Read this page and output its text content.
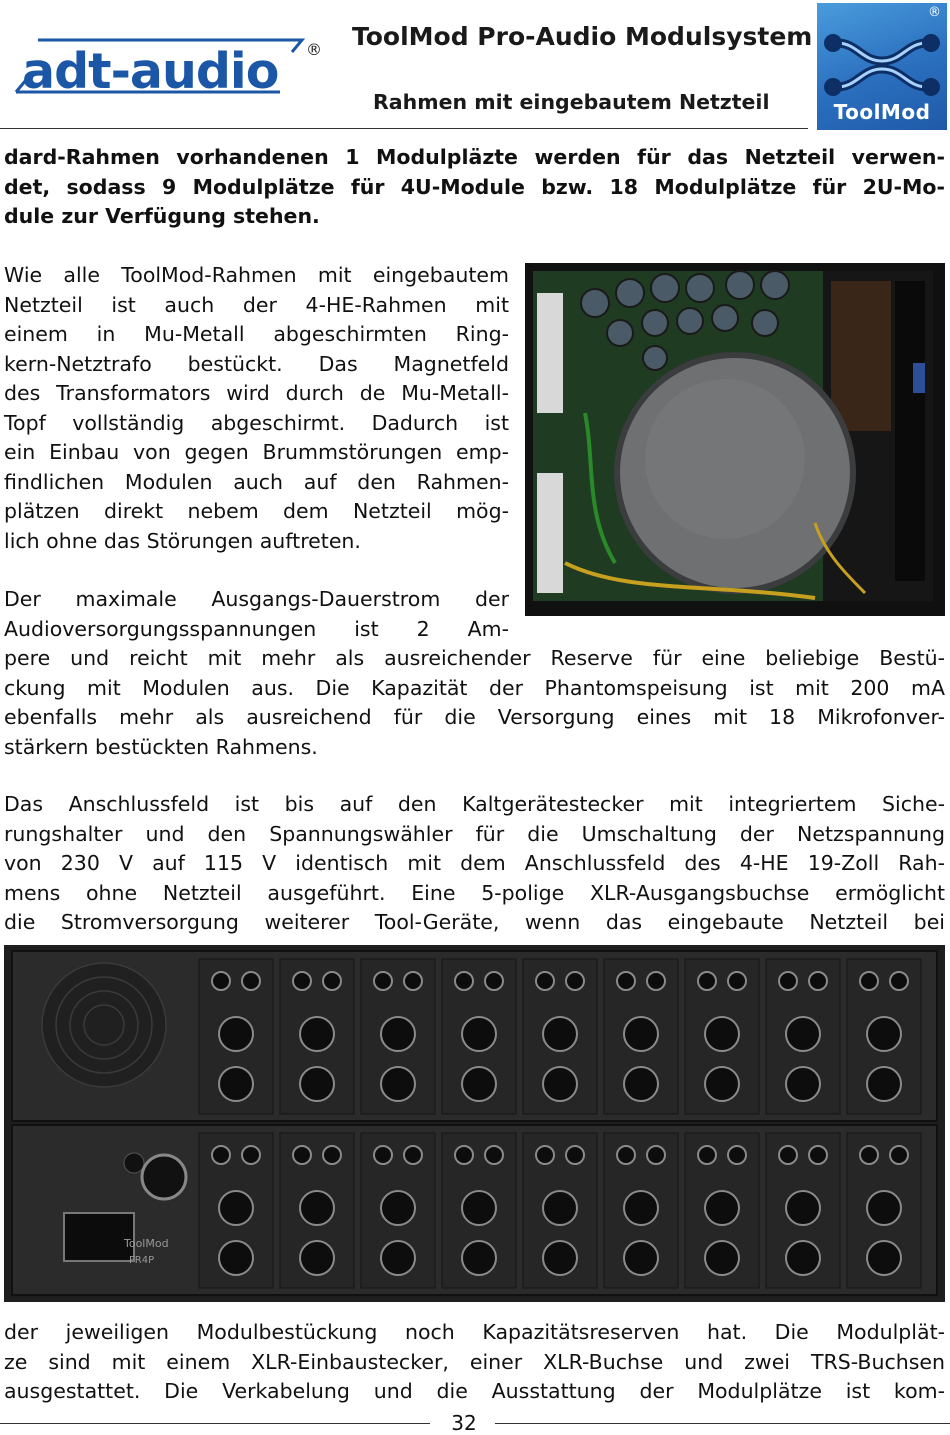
adt-audio ® ToolMod Pro-Audio Modulsystem
Rahmen mit eingebautem Netzteil
®
ToolMod
dard-Rahmen vorhandenen 1 Modulpläzte werden für das Netzteil verwen-
det, sodass 9 Modulplätze für 4U-Module bzw. 18 Modulplätze für 2U-Mo-
dule zur Verfügung stehen.
Wie alle ToolMod-Rahmen mit eingebautem
Netzteil ist auch der 4-HE-Rahmen mit
einem in Mu-Metall abgeschirmten Ring-
kern-Netztrafo bestückt. Das Magnetfeld
des Transformators wird durch de Mu-Metall-
Topf vollständig abgeschirmt. Dadurch ist
ein Einbau von gegen Brummstörungen emp-
findlichen Modulen auch auf den Rahmen-
plätzen direkt nebem dem Netzteil mög-
lich ohne das Störungen auftreten.
Der maximale Ausgangs-Dauerstrom der
Audioversorgungsspannungen ist 2 Am-
pere und reicht mit mehr als ausreichender Reserve für eine beliebige Bestü-
ckung mit Modulen aus. Die Kapazität der Phantomspeisung ist mit 200 mA
ebenfalls mehr als ausreichend für die Versorgung eines mit 18 Mikrofonver-
stärkern bestückten Rahmens.
Das Anschlussfeld ist bis auf den Kaltgerätestecker mit integriertem Siche-
rungshalter und den Spannungswähler für die Umschaltung der Netzspannung
von 230 V auf 115 V identisch mit dem Anschlussfeld des 4-HE 19-Zoll Rah-
mens ohne Netzteil ausgeführt. Eine 5-polige XLR-Ausgangsbuchse ermöglicht
die Stromversorgung weiterer Tool-Geräte, wenn das eingebaute Netzteil bei
ToolMod
FR4P
der jeweiligen Modulbestückung noch Kapazitätsreserven hat. Die Modulplät-
ze sind mit einem XLR-Einbaustecker, einer XLR-Buchse und zwei TRS-Buchsen
ausgestattet. Die Verkabelung und die Ausstattung der Modulplätze ist kom-
32
